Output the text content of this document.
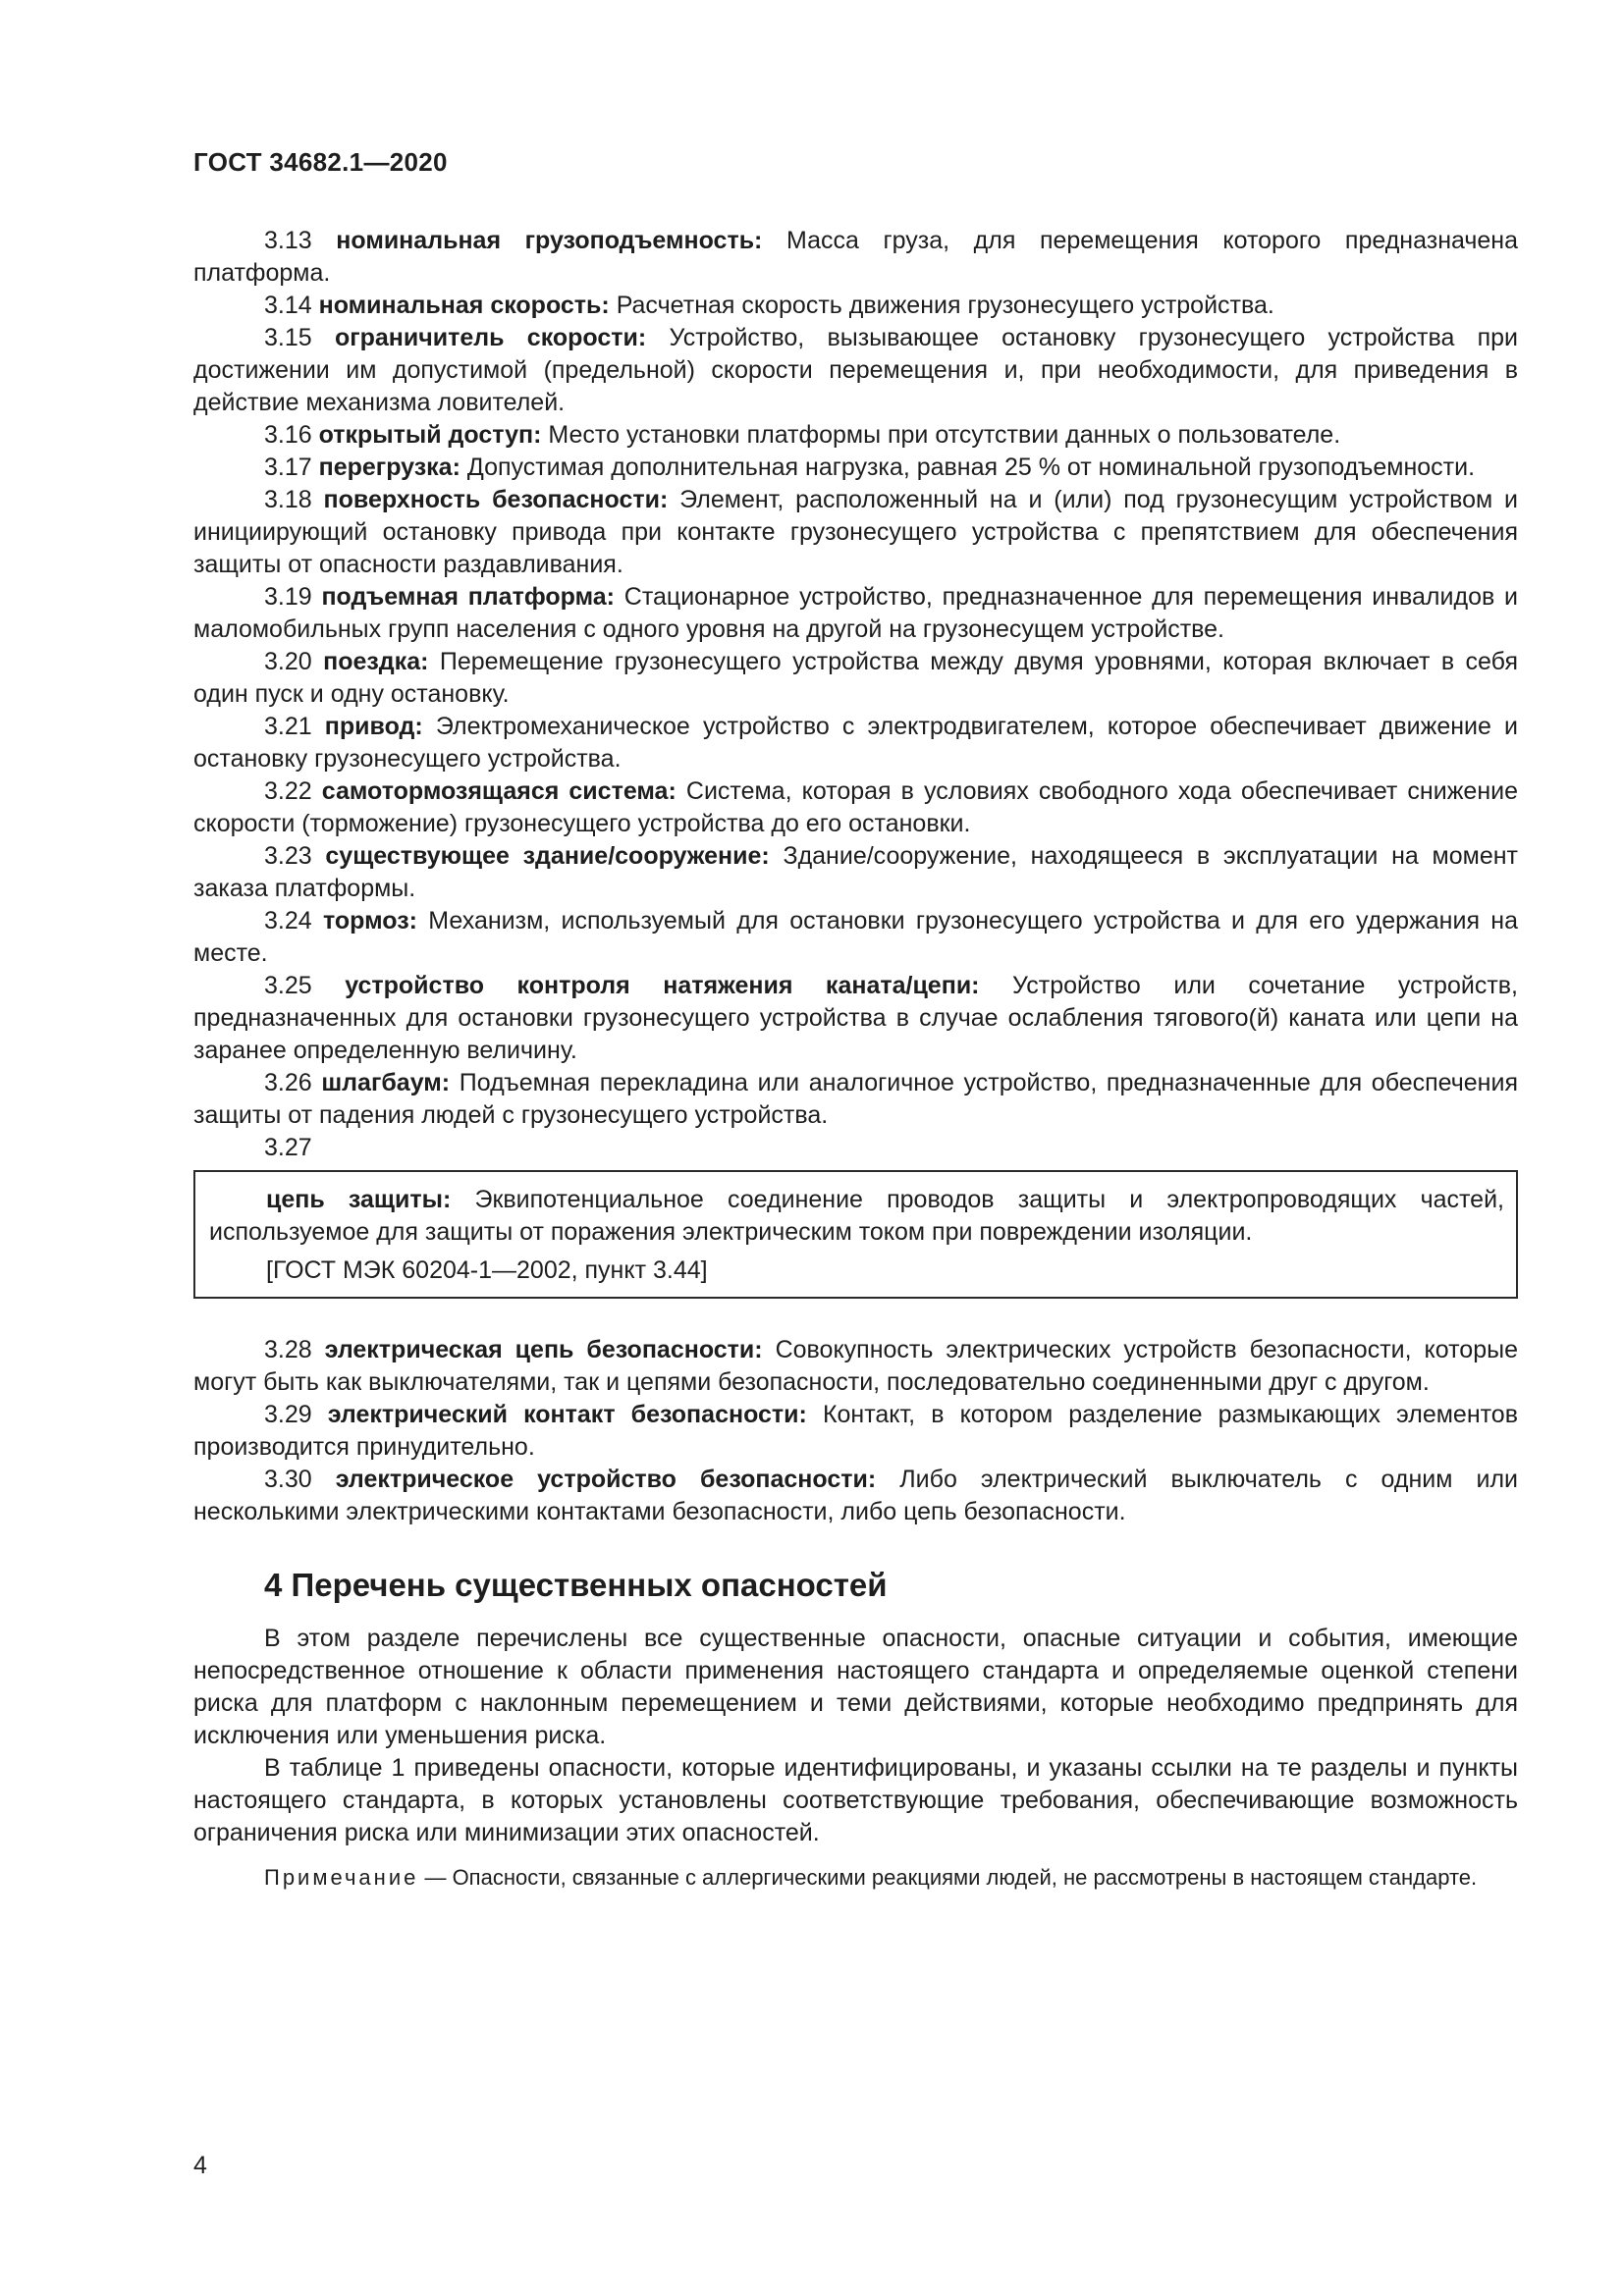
ГОСТ 34682.1—2020

3.13 номинальная грузоподъемность: Масса груза, для перемещения которого предназначена платформа.

3.14 номинальная скорость: Расчетная скорость движения грузонесущего устройства.

3.15 ограничитель скорости: Устройство, вызывающее остановку грузонесущего устройства при достижении им допустимой (предельной) скорости перемещения и, при необходимости, для приведения в действие механизма ловителей.

3.16 открытый доступ: Место установки платформы при отсутствии данных о пользователе.

3.17 перегрузка: Допустимая дополнительная нагрузка, равная 25 % от номинальной грузоподъемности.

3.18 поверхность безопасности: Элемент, расположенный на и (или) под грузонесущим устройством и инициирующий остановку привода при контакте грузонесущего устройства с препятствием для обеспечения защиты от опасности раздавливания.

3.19 подъемная платформа: Стационарное устройство, предназначенное для перемещения инвалидов и маломобильных групп населения с одного уровня на другой на грузонесущем устройстве.

3.20 поездка: Перемещение грузонесущего устройства между двумя уровнями, которая включает в себя один пуск и одну остановку.

3.21 привод: Электромеханическое устройство с электродвигателем, которое обеспечивает движение и остановку грузонесущего устройства.

3.22 самотормозящаяся система: Система, которая в условиях свободного хода обеспечивает снижение скорости (торможение) грузонесущего устройства до его остановки.

3.23 существующее здание/сооружение: Здание/сооружение, находящееся в эксплуатации на момент заказа платформы.

3.24 тормоз: Механизм, используемый для остановки грузонесущего устройства и для его удержания на месте.

3.25 устройство контроля натяжения каната/цепи: Устройство или сочетание устройств, предназначенных для остановки грузонесущего устройства в случае ослабления тягового(й) каната или цепи на заранее определенную величину.

3.26 шлагбаум: Подъемная перекладина или аналогичное устройство, предназначенные для обеспечения защиты от падения людей с грузонесущего устройства.

3.27

цепь защиты: Эквипотенциальное соединение проводов защиты и электропроводящих частей, используемое для защиты от поражения электрическим током при повреждении изоляции.

[ГОСТ МЭК 60204-1—2002, пункт 3.44]

3.28 электрическая цепь безопасности: Совокупность электрических устройств безопасности, которые могут быть как выключателями, так и цепями безопасности, последовательно соединенными друг с другом.

3.29 электрический контакт безопасности: Контакт, в котором разделение размыкающих элементов производится принудительно.

3.30 электрическое устройство безопасности: Либо электрический выключатель с одним или несколькими электрическими контактами безопасности, либо цепь безопасности.

4 Перечень существенных опасностей

В этом разделе перечислены все существенные опасности, опасные ситуации и события, имеющие непосредственное отношение к области применения настоящего стандарта и определяемые оценкой степени риска для платформ с наклонным перемещением и теми действиями, которые необходимо предпринять для исключения или уменьшения риска.

В таблице 1 приведены опасности, которые идентифицированы, и указаны ссылки на те разделы и пункты настоящего стандарта, в которых установлены соответствующие требования, обеспечивающие возможность ограничения риска или минимизации этих опасностей.

Примечание — Опасности, связанные с аллергическими реакциями людей, не рассмотрены в настоящем стандарте.

4
